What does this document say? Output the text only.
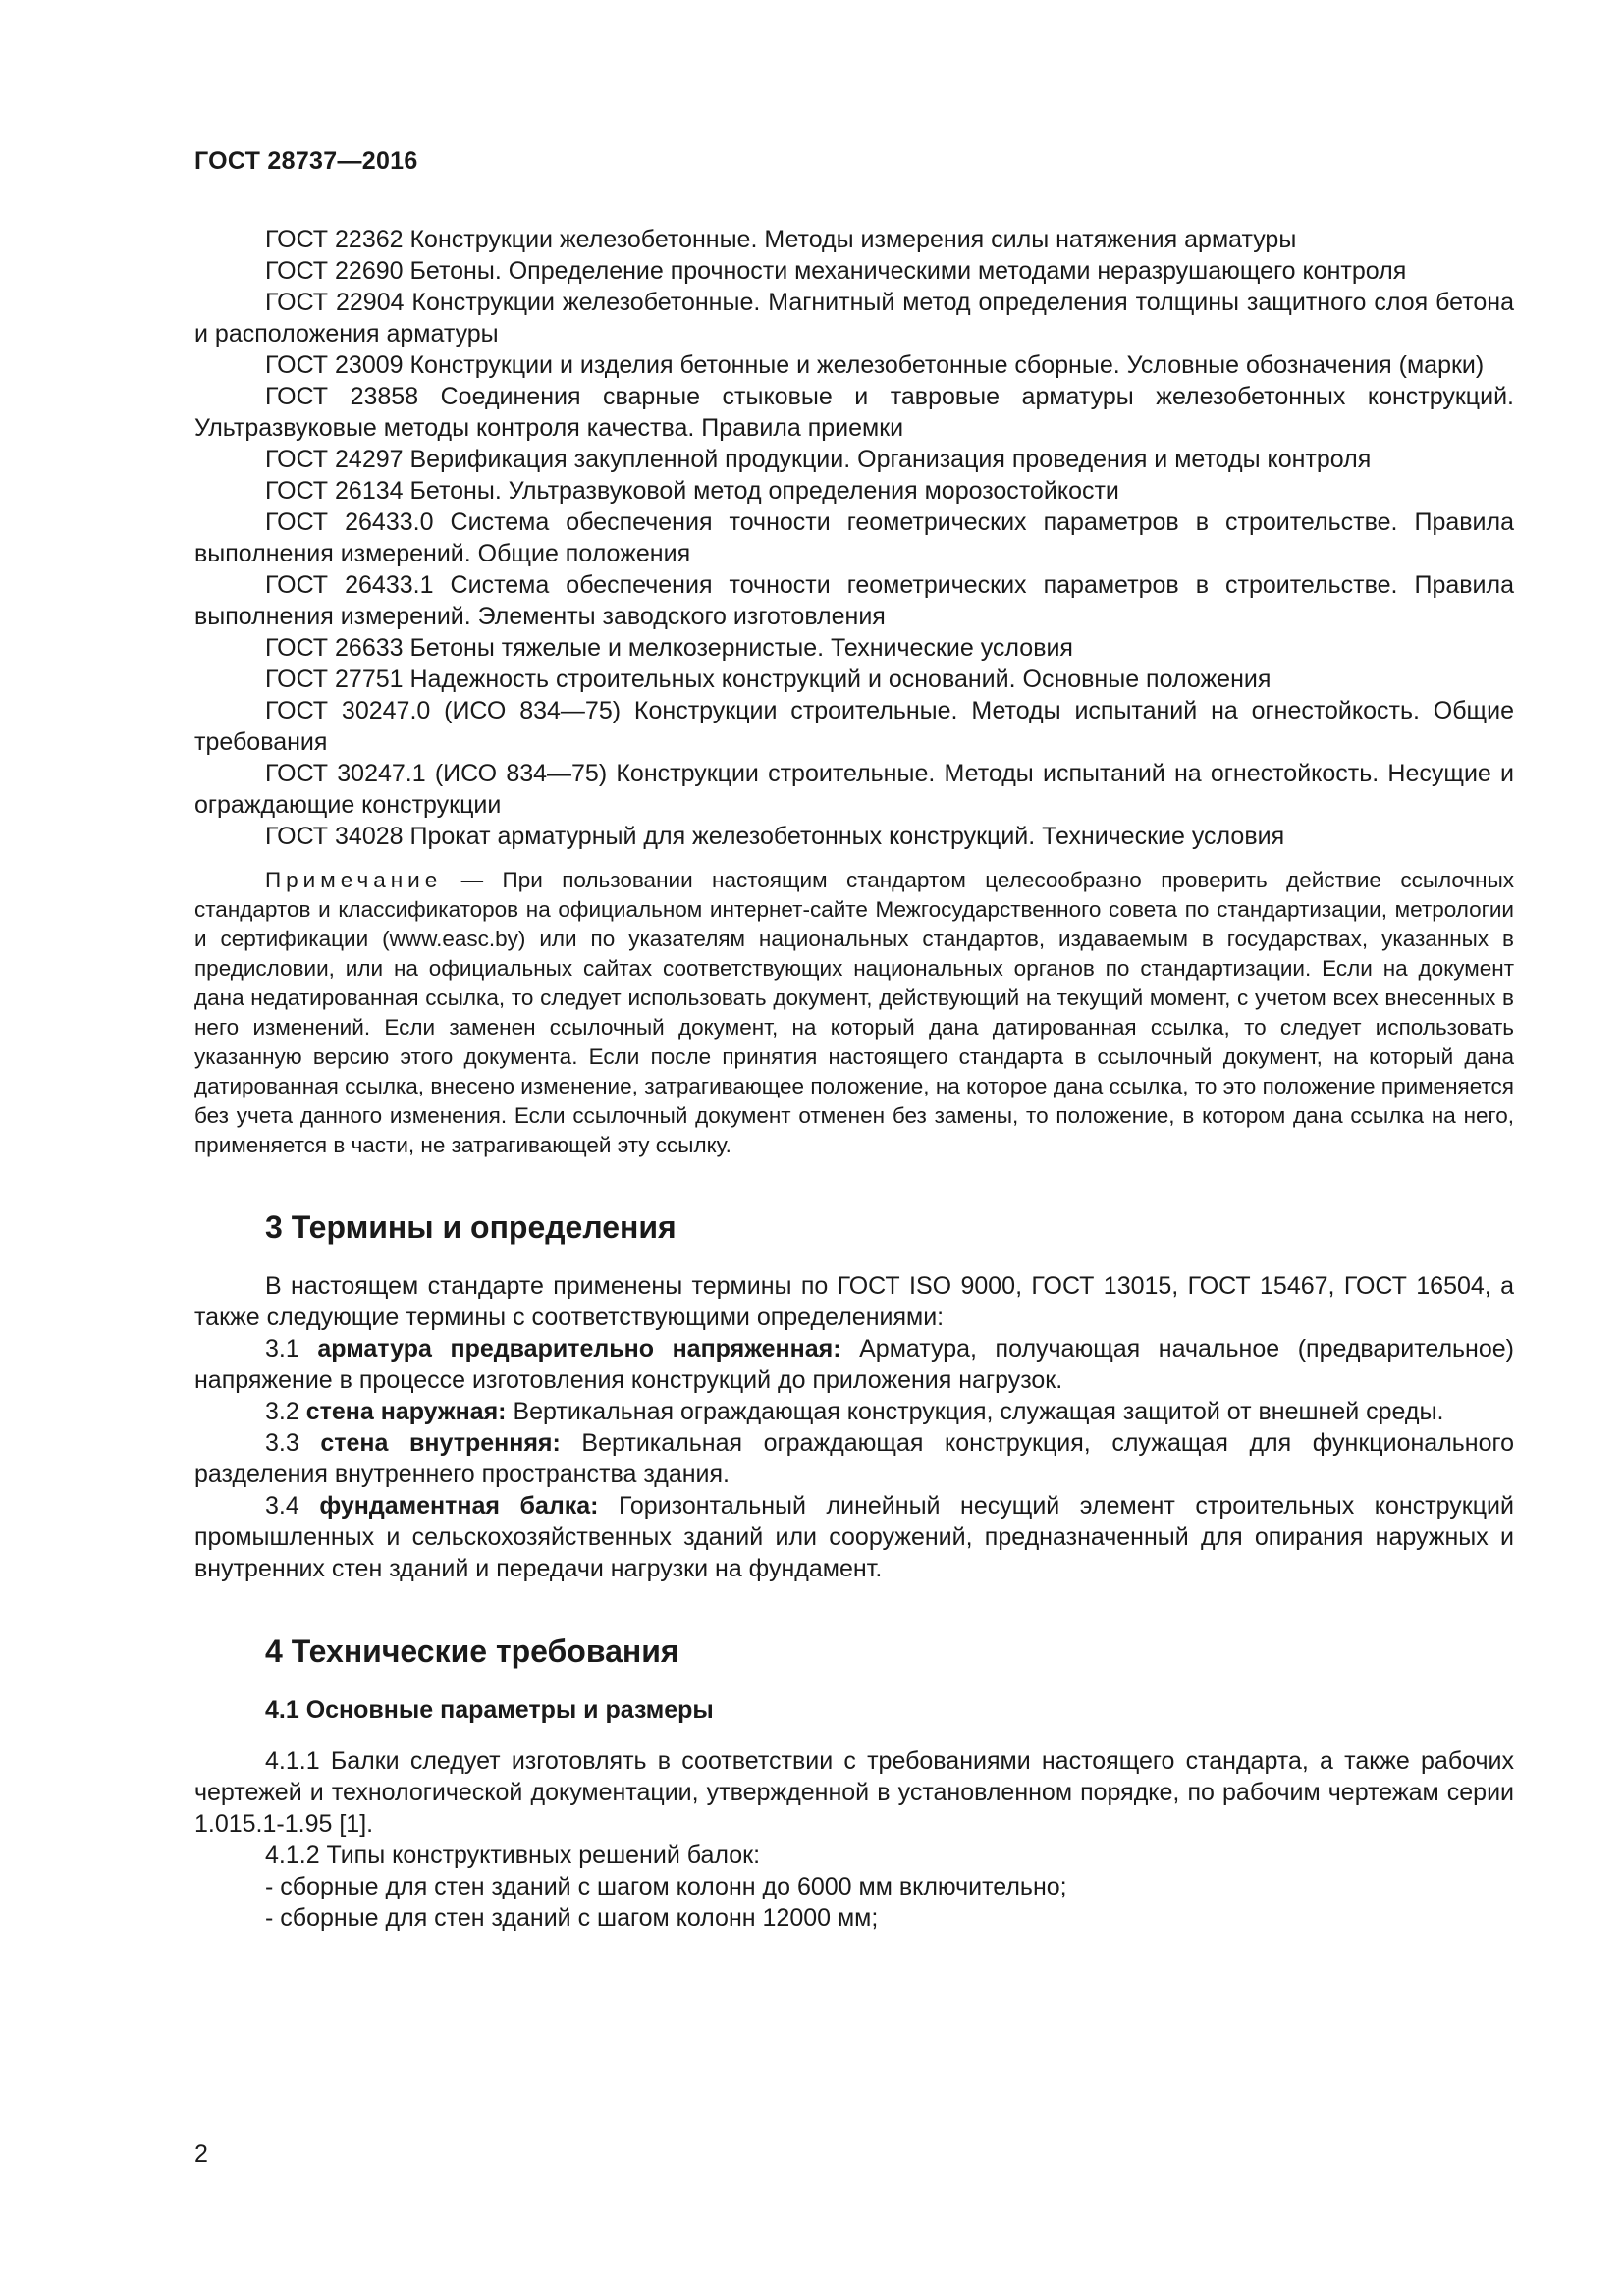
ГОСТ 28737—2016

ГОСТ 22362 Конструкции железобетонные. Методы измерения силы натяжения арматуры

ГОСТ 22690 Бетоны. Определение прочности механическими методами неразрушающего контроля

ГОСТ 22904 Конструкции железобетонные. Магнитный метод определения толщины защитного слоя бетона и расположения арматуры

ГОСТ 23009 Конструкции и изделия бетонные и железобетонные сборные. Условные обозначения (марки)

ГОСТ 23858 Соединения сварные стыковые и тавровые арматуры железобетонных конструкций. Ультразвуковые методы контроля качества. Правила приемки

ГОСТ 24297 Верификация закупленной продукции. Организация проведения и методы контроля

ГОСТ 26134 Бетоны. Ультразвуковой метод определения морозостойкости

ГОСТ 26433.0 Система обеспечения точности геометрических параметров в строительстве. Правила выполнения измерений. Общие положения

ГОСТ 26433.1 Система обеспечения точности геометрических параметров в строительстве. Правила выполнения измерений. Элементы заводского изготовления

ГОСТ 26633 Бетоны тяжелые и мелкозернистые. Технические условия

ГОСТ 27751 Надежность строительных конструкций и оснований. Основные положения

ГОСТ 30247.0 (ИСО 834—75) Конструкции строительные. Методы испытаний на огнестойкость. Общие требования

ГОСТ 30247.1 (ИСО 834—75) Конструкции строительные. Методы испытаний на огнестойкость. Несущие и ограждающие конструкции

ГОСТ 34028 Прокат арматурный для железобетонных конструкций. Технические условия

Примечание — При пользовании настоящим стандартом целесообразно проверить действие ссылочных стандартов и классификаторов на официальном интернет-сайте Межгосударственного совета по стандартизации, метрологии и сертификации (www.easc.by) или по указателям национальных стандартов, издаваемым в государствах, указанных в предисловии, или на официальных сайтах соответствующих национальных органов по стандартизации. Если на документ дана недатированная ссылка, то следует использовать документ, действующий на текущий момент, с учетом всех внесенных в него изменений. Если заменен ссылочный документ, на который дана датированная ссылка, то следует использовать указанную версию этого документа. Если после принятия настоящего стандарта в ссылочный документ, на который дана датированная ссылка, внесено изменение, затрагивающее положение, на которое дана ссылка, то это положение применяется без учета данного изменения. Если ссылочный документ отменен без замены, то положение, в котором дана ссылка на него, применяется в части, не затрагивающей эту ссылку.

3 Термины и определения

В настоящем стандарте применены термины по ГОСТ ISO 9000, ГОСТ 13015, ГОСТ 15467, ГОСТ 16504, а также следующие термины с соответствующими определениями:

3.1 арматура предварительно напряженная: Арматура, получающая начальное (предварительное) напряжение в процессе изготовления конструкций до приложения нагрузок.

3.2 стена наружная: Вертикальная ограждающая конструкция, служащая защитой от внешней среды.

3.3 стена внутренняя: Вертикальная ограждающая конструкция, служащая для функционального разделения внутреннего пространства здания.

3.4 фундаментная балка: Горизонтальный линейный несущий элемент строительных конструкций промышленных и сельскохозяйственных зданий или сооружений, предназначенный для опирания наружных и внутренних стен зданий и передачи нагрузки на фундамент.

4 Технические требования
4.1 Основные параметры и размеры

4.1.1 Балки следует изготовлять в соответствии с требованиями настоящего стандарта, а также рабочих чертежей и технологической документации, утвержденной в установленном порядке, по рабочим чертежам серии 1.015.1-1.95 [1].

4.1.2 Типы конструктивных решений балок:

- сборные для стен зданий с шагом колонн до 6000 мм включительно;

- сборные для стен зданий с шагом колонн 12000 мм;

2
